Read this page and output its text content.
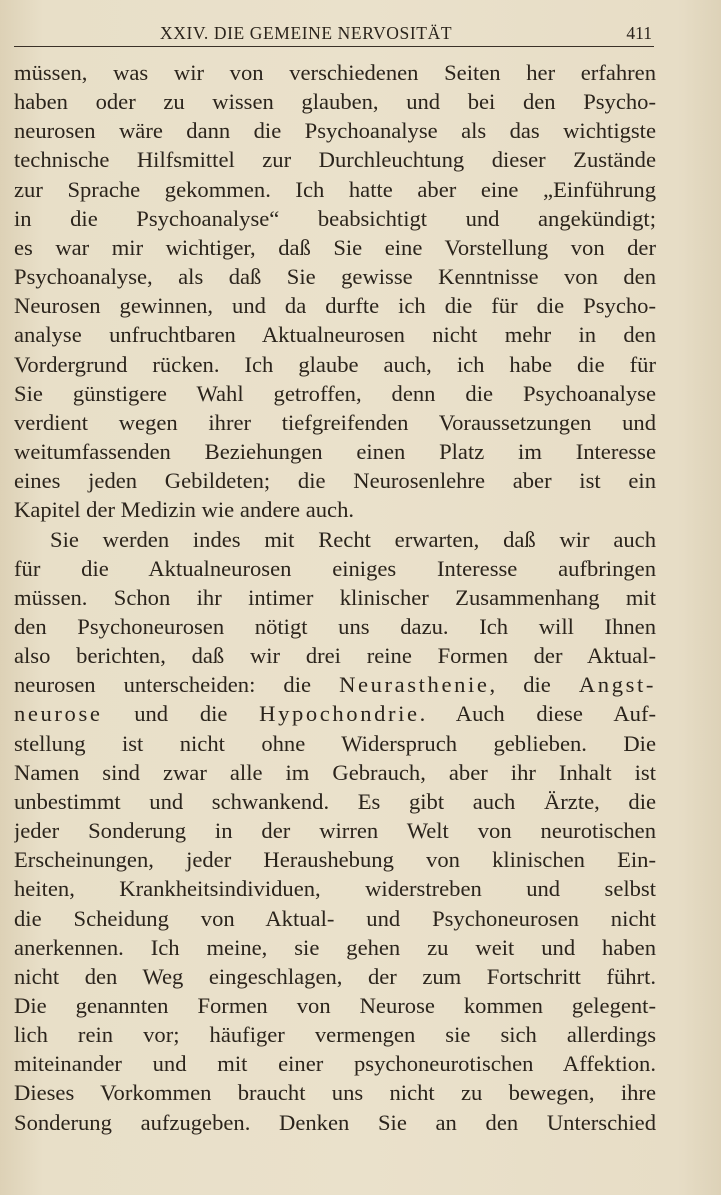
XXIV. DIE GEMEINE NERVOSITÄT	411
müssen, was wir von verschiedenen Seiten her erfahren
haben oder zu wissen glauben, und bei den Psycho-
neurosen wäre dann die Psychoanalyse als das wichtigste
technische Hilfsmittel zur Durchleuchtung dieser Zustände
zur Sprache gekommen. Ich hatte aber eine „Einführung
in die Psychoanalyse“ beabsichtigt und angekündigt;
es war mir wichtiger, daß Sie eine Vorstellung von der
Psychoanalyse, als daß Sie gewisse Kenntnisse von den
Neurosen gewinnen, und da durfte ich die für die Psycho-
analyse unfruchtbaren Aktualneurosen nicht mehr in den
Vordergrund rücken. Ich glaube auch, ich habe die für
Sie günstigere Wahl getroffen, denn die Psychoanalyse
verdient wegen ihrer tiefgreifenden Voraussetzungen und
weitumfassenden Beziehungen einen Platz im Interesse
eines jeden Gebildeten; die Neurosenlehre aber ist ein
Kapitel der Medizin wie andere auch.
Sie werden indes mit Recht erwarten, daß wir auch
für die Aktualneurosen einiges Interesse aufbringen
müssen. Schon ihr intimer klinischer Zusammenhang mit
den Psychoneurosen nötigt uns dazu. Ich will Ihnen
also berichten, daß wir drei reine Formen der Aktual-
neurosen unterscheiden: die Neurasthenie, die Angst-
neurose und die Hypochondrie. Auch diese Auf-
stellung ist nicht ohne Widerspruch geblieben. Die
Namen sind zwar alle im Gebrauch, aber ihr Inhalt ist
unbestimmt und schwankend. Es gibt auch Ärzte, die
jeder Sonderung in der wirren Welt von neurotischen
Erscheinungen, jeder Heraushebung von klinischen Ein-
heiten, Krankheitsindividuen, widerstreben und selbst
die Scheidung von Aktual- und Psychoneurosen nicht
anerkennen. Ich meine, sie gehen zu weit und haben
nicht den Weg eingeschlagen, der zum Fortschritt führt.
Die genannten Formen von Neurose kommen gelegent-
lich rein vor; häufiger vermengen sie sich allerdings
miteinander und mit einer psychoneurotischen Affektion.
Dieses Vorkommen braucht uns nicht zu bewegen, ihre
Sonderung aufzugeben. Denken Sie an den Unterschied
